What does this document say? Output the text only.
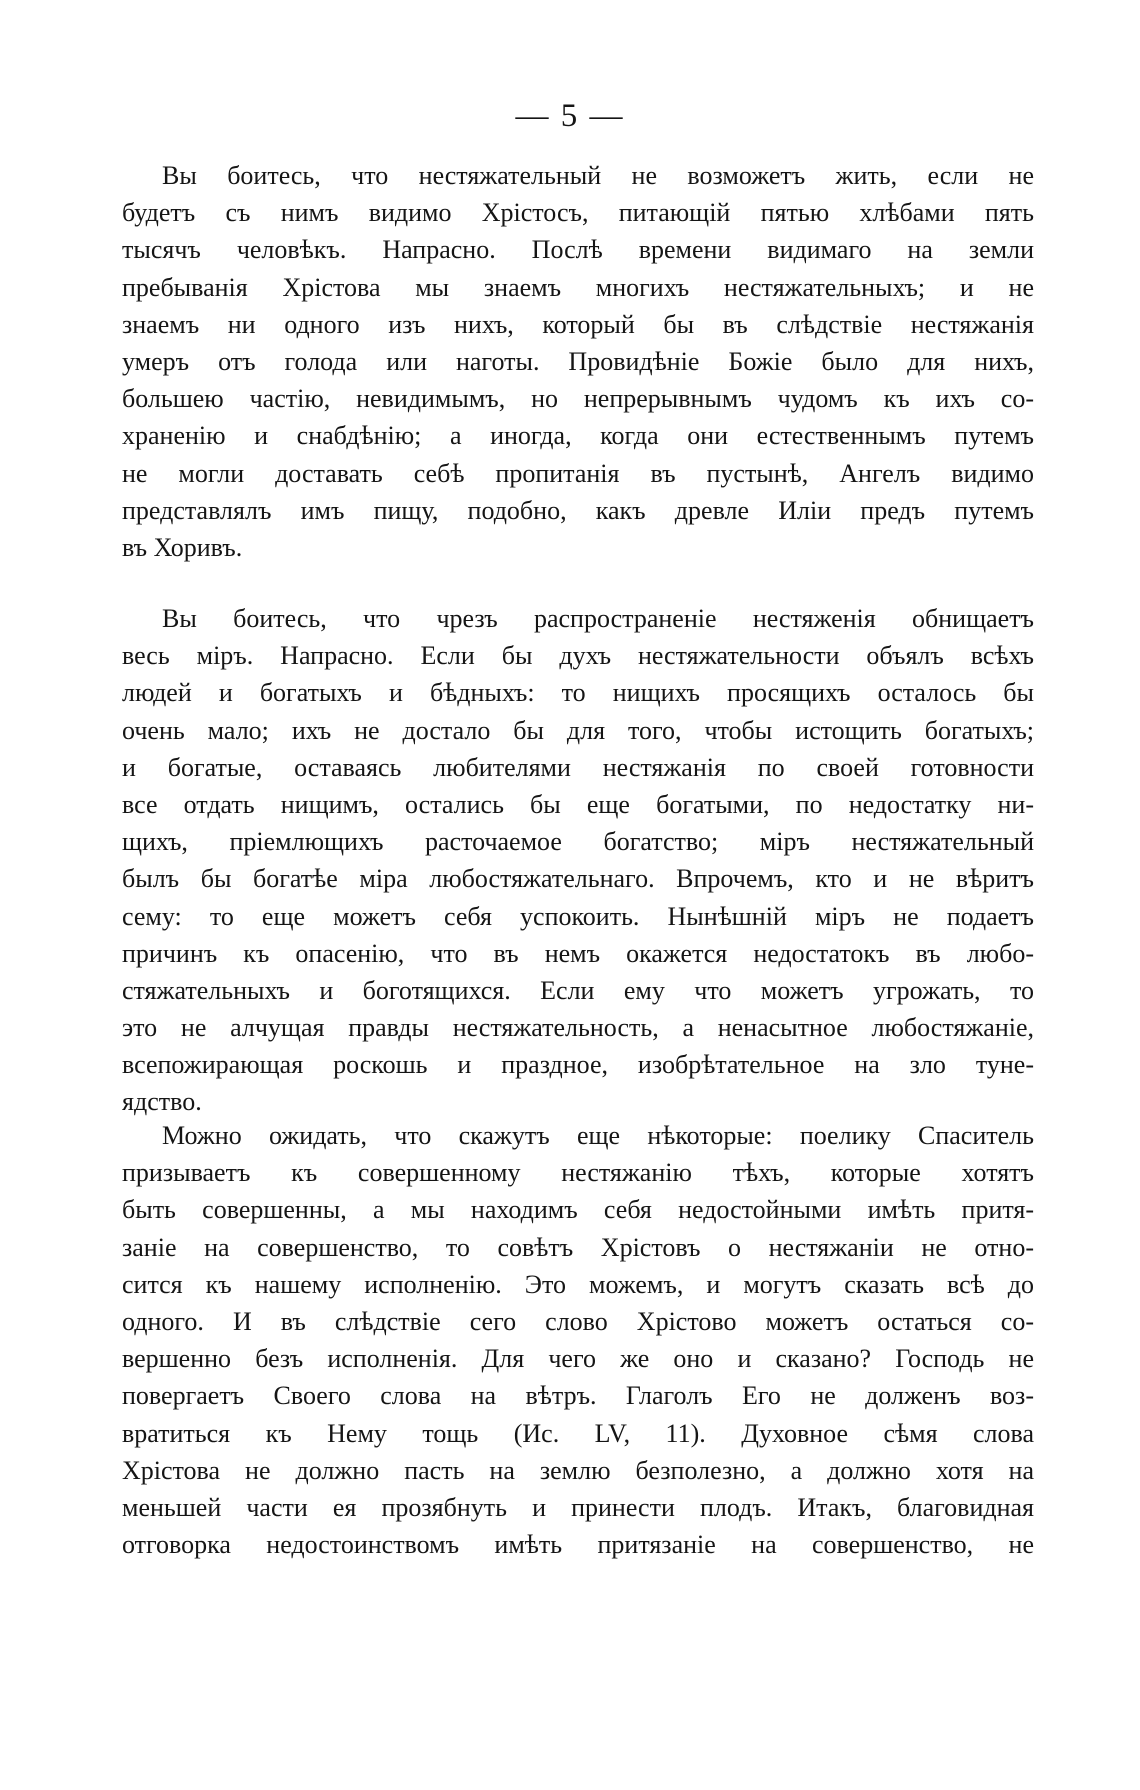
— 5 —
Вы боитесь, что нестяжательный не возможетъ жить, если не
будетъ съ нимъ видимо Хрістосъ, питающій пятью хлѣбами пять
тысячъ человѣкъ. Напрасно. Послѣ времени видимаго на земли
пребыванія Хрістова мы знаемъ многихъ нестяжательныхъ; и не
знаемъ ни одного изъ нихъ, который бы въ слѣдствіе нестяжанія
умеръ отъ голода или наготы. Провидѣніе Божіе было для нихъ,
большею частію, невидимымъ, но непрерывнымъ чудомъ къ ихъ со-
храненію и снабдѣнію; а иногда, когда они естественнымъ путемъ
не могли доставать себѣ пропитанія въ пустынѣ, Ангелъ видимо
представлялъ имъ пищу, подобно, какъ древле Иліи предъ путемъ
въ Хоривъ.
Вы боитесь, что чрезъ распространеніе нестяженія обнищаетъ
весь міръ. Напрасно. Если бы духъ нестяжательности объялъ всѣхъ
людей и богатыхъ и бѣдныхъ: то нищихъ просящихъ осталось бы
очень мало; ихъ не достало бы для того, чтобы истощить богатыхъ;
и богатые, оставаясь любителями нестяжанія по своей готовности
все отдать нищимъ, остались бы еще богатыми, по недостатку ни-
щихъ, пріемлющихъ расточаемое богатство; міръ нестяжательный
былъ бы богатѣе міра любостяжательнаго. Впрочемъ, кто и не вѣритъ
сему: то еще можетъ себя успокоить. Нынѣшній міръ не подаетъ
причинъ къ опасенію, что въ немъ окажется недостатокъ въ любо-
стяжательныхъ и боготящихся. Если ему что можетъ угрожать, то
это не алчущая правды нестяжательность, а ненасытное любостяжаніе,
всепожирающая роскошь и праздное, изобрѣтательное на зло туне-
ядство.
Можно ожидать, что скажутъ еще нѣкоторые: поелику Спаситель
призываетъ къ совершенному нестяжанію тѣхъ, которые хотятъ
быть совершенны, а мы находимъ себя недостойными имѣть притя-
заніе на совершенство, то совѣтъ Хрістовъ о нестяжаніи не отно-
сится къ нашему исполненію. Это можемъ, и могутъ сказать всѣ до
одного. И въ слѣдствіе сего слово Хрістово можетъ остаться со-
вершенно безъ исполненія. Для чего же оно и сказано? Господь не
повергаетъ Своего слова на вѣтръ. Глаголъ Его не долженъ воз-
вратиться къ Нему тощь (Ис. LV, 11). Духовное сѣмя слова
Хрістова не должно пасть на землю безполезно, а должно хотя на
меньшей части ея прозябнуть и принести плодъ. Итакъ, благовидная
отговорка недостоинствомъ имѣть притязаніе на совершенство, не
